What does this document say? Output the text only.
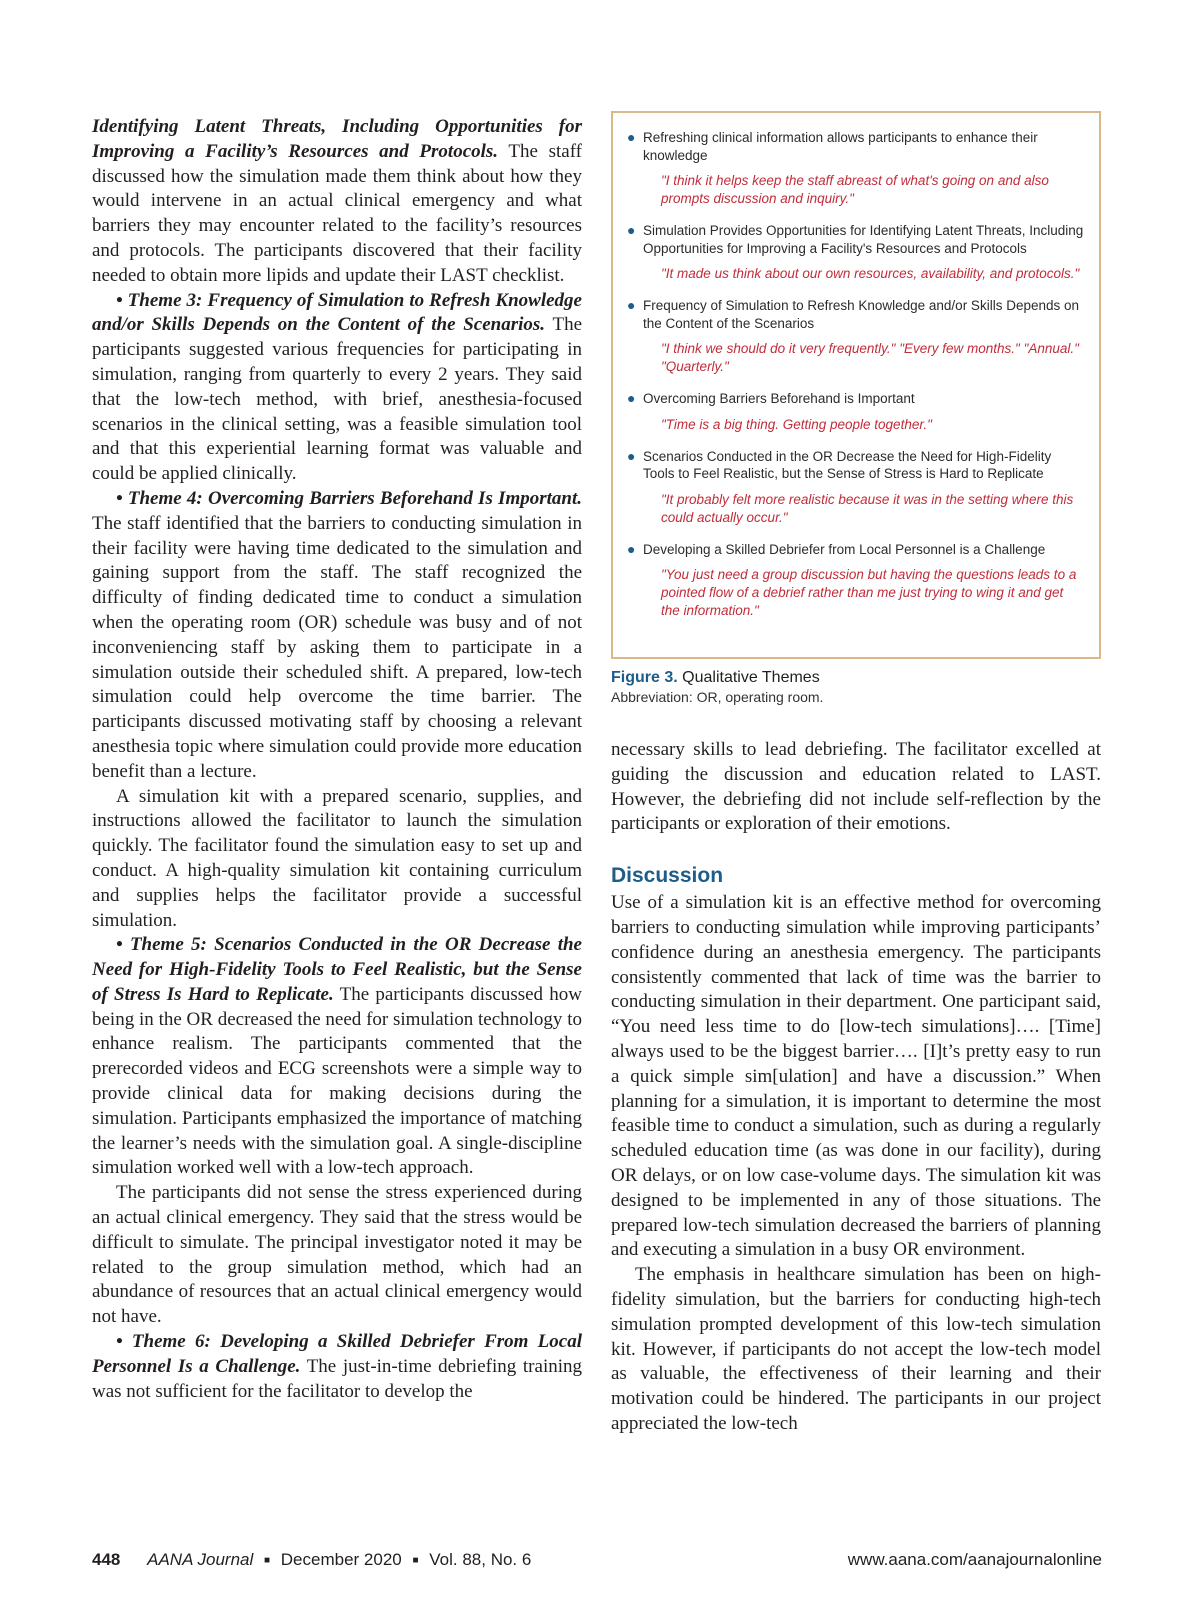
Identifying Latent Threats, Including Opportunities for Improving a Facility’s Resources and Protocols. The staff discussed how the simulation made them think about how they would intervene in an actual clinical emergency and what barriers they may encounter related to the facility’s resources and protocols. The participants discovered that their facility needed to obtain more lipids and update their LAST checklist.

• Theme 3: Frequency of Simulation to Refresh Knowledge and/or Skills Depends on the Content of the Scenarios. The participants suggested various frequencies for participating in simulation, ranging from quarterly to every 2 years. They said that the low-tech method, with brief, anesthesia-focused scenarios in the clinical setting, was a feasible simulation tool and that this experiential learning format was valuable and could be applied clinically.

• Theme 4: Overcoming Barriers Beforehand Is Important. The staff identified that the barriers to conducting simulation in their facility were having time dedicated to the simulation and gaining support from the staff. The staff recognized the difficulty of finding dedicated time to conduct a simulation when the operating room (OR) schedule was busy and of not inconveniencing staff by asking them to participate in a simulation outside their scheduled shift. A prepared, low-tech simulation could help overcome the time barrier. The participants discussed motivating staff by choosing a relevant anesthesia topic where simulation could provide more education benefit than a lecture.

A simulation kit with a prepared scenario, supplies, and instructions allowed the facilitator to launch the simulation quickly. The facilitator found the simulation easy to set up and conduct. A high-quality simulation kit containing curriculum and supplies helps the facilitator provide a successful simulation.

• Theme 5: Scenarios Conducted in the OR Decrease the Need for High-Fidelity Tools to Feel Realistic, but the Sense of Stress Is Hard to Replicate. The participants discussed how being in the OR decreased the need for simulation technology to enhance realism. The participants commented that the prerecorded videos and ECG screenshots were a simple way to provide clinical data for making decisions during the simulation. Participants emphasized the importance of matching the learner’s needs with the simulation goal. A single-discipline simulation worked well with a low-tech approach.

The participants did not sense the stress experienced during an actual clinical emergency. They said that the stress would be difficult to simulate. The principal investigator noted it may be related to the group simulation method, which had an abundance of resources that an actual clinical emergency would not have.

• Theme 6: Developing a Skilled Debriefer From Local Personnel Is a Challenge. The just-in-time debriefing training was not sufficient for the facilitator to develop the

● Refreshing clinical information allows participants to enhance their knowledge
"I think it helps keep the staff abreast of what's going on and also prompts discussion and inquiry."
● Simulation Provides Opportunities for Identifying Latent Threats, Including Opportunities for Improving a Facility's Resources and Protocols
"It made us think about our own resources, availability, and protocols."
● Frequency of Simulation to Refresh Knowledge and/or Skills Depends on the Content of the Scenarios
"I think we should do it very frequently." "Every few months." "Annual." "Quarterly."
● Overcoming Barriers Beforehand is Important
"Time is a big thing. Getting people together."
● Scenarios Conducted in the OR Decrease the Need for High-Fidelity Tools to Feel Realistic, but the Sense of Stress is Hard to Replicate
"It probably felt more realistic because it was in the setting where this could actually occur."
● Developing a Skilled Debriefer from Local Personnel is a Challenge
"You just need a group discussion but having the questions leads to a pointed flow of a debrief rather than me just trying to wing it and get the information."
Figure 3. Qualitative Themes
Abbreviation: OR, operating room.

necessary skills to lead debriefing. The facilitator excelled at guiding the discussion and education related to LAST. However, the debriefing did not include self-reflection by the participants or exploration of their emotions.

Discussion

Use of a simulation kit is an effective method for overcoming barriers to conducting simulation while improving participants’ confidence during an anesthesia emergency. The participants consistently commented that lack of time was the barrier to conducting simulation in their department. One participant said, “You need less time to do [low-tech simulations]…. [Time] always used to be the biggest barrier…. [I]t’s pretty easy to run a quick simple sim[ulation] and have a discussion.” When planning for a simulation, it is important to determine the most feasible time to conduct a simulation, such as during a regularly scheduled education time (as was done in our facility), during OR delays, or on low case-volume days. The simulation kit was designed to be implemented in any of those situations. The prepared low-tech simulation decreased the barriers of planning and executing a simulation in a busy OR environment.

The emphasis in healthcare simulation has been on high-fidelity simulation, but the barriers for conducting high-tech simulation prompted development of this low-tech simulation kit. However, if participants do not accept the low-tech model as valuable, the effectiveness of their learning and their motivation could be hindered. The participants in our project appreciated the low-tech

448 AANA Journal ■ December 2020 ■ Vol. 88, No. 6	www.aana.com/aanajournalonline
